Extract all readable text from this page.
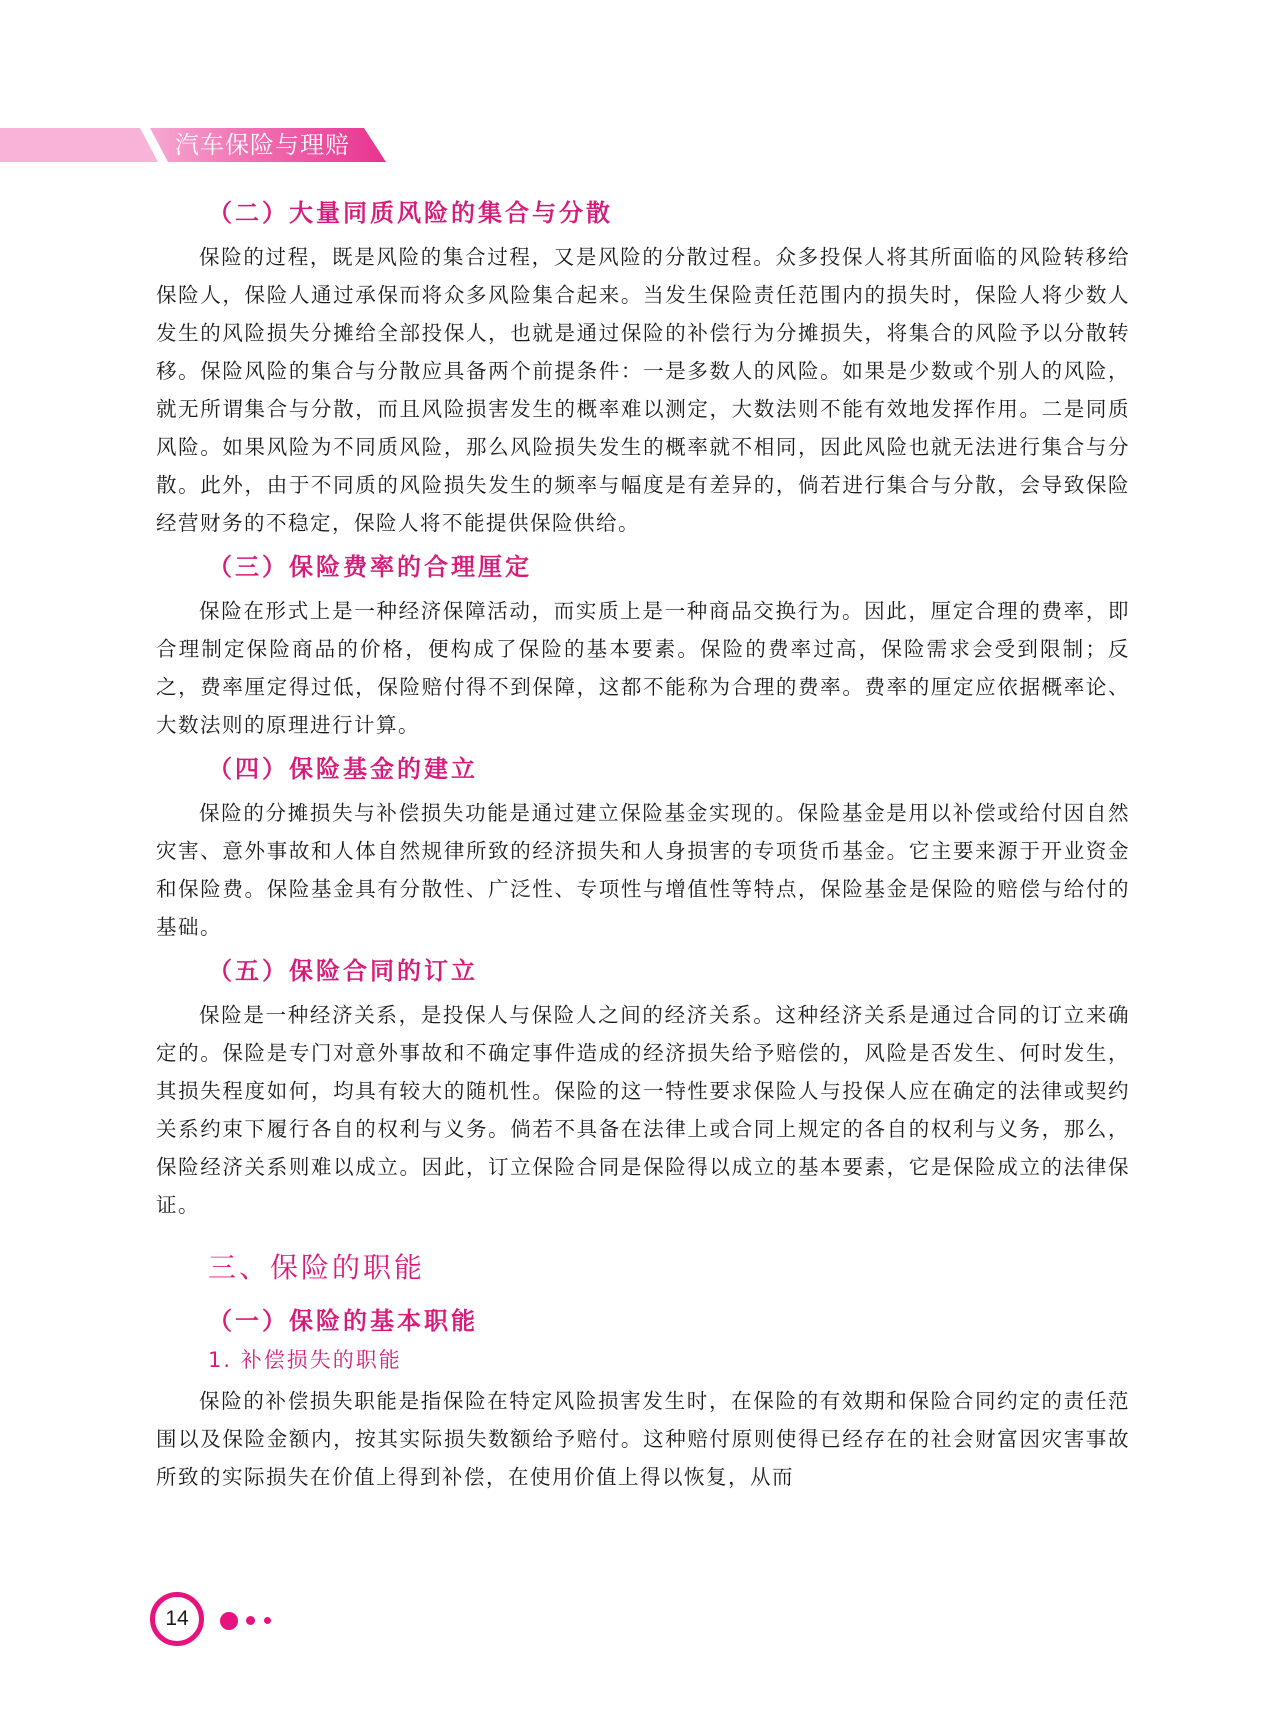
汽车保险与理赔
（二）大量同质风险的集合与分散

保险的过程，既是风险的集合过程，又是风险的分散过程。众多投保人将其所面临的风险转移给保险人，保险人通过承保而将众多风险集合起来。当发生保险责任范围内的损失时，保险人将少数人发生的风险损失分摊给全部投保人，也就是通过保险的补偿行为分摊损失，将集合的风险予以分散转移。保险风险的集合与分散应具备两个前提条件：一是多数人的风险。如果是少数或个别人的风险，就无所谓集合与分散，而且风险损害发生的概率难以测定，大数法则不能有效地发挥作用。二是同质风险。如果风险为不同质风险，那么风险损失发生的概率就不相同，因此风险也就无法进行集合与分散。此外，由于不同质的风险损失发生的频率与幅度是有差异的，倘若进行集合与分散，会导致保险经营财务的不稳定，保险人将不能提供保险供给。

（三）保险费率的合理厘定

保险在形式上是一种经济保障活动，而实质上是一种商品交换行为。因此，厘定合理的费率，即合理制定保险商品的价格，便构成了保险的基本要素。保险的费率过高，保险需求会受到限制；反之，费率厘定得过低，保险赔付得不到保障，这都不能称为合理的费率。费率的厘定应依据概率论、大数法则的原理进行计算。

（四）保险基金的建立

保险的分摊损失与补偿损失功能是通过建立保险基金实现的。保险基金是用以补偿或给付因自然灾害、意外事故和人体自然规律所致的经济损失和人身损害的专项货币基金。它主要来源于开业资金和保险费。保险基金具有分散性、广泛性、专项性与增值性等特点，保险基金是保险的赔偿与给付的基础。

（五）保险合同的订立

保险是一种经济关系，是投保人与保险人之间的经济关系。这种经济关系是通过合同的订立来确定的。保险是专门对意外事故和不确定事件造成的经济损失给予赔偿的，风险是否发生、何时发生，其损失程度如何，均具有较大的随机性。保险的这一特性要求保险人与投保人应在确定的法律或契约关系约束下履行各自的权利与义务。倘若不具备在法律上或合同上规定的各自的权利与义务，那么，保险经济关系则难以成立。因此，订立保险合同是保险得以成立的基本要素，它是保险成立的法律保证。

三、保险的职能
（一）保险的基本职能
1. 补偿损失的职能

保险的补偿损失职能是指保险在特定风险损害发生时，在保险的有效期和保险合同约定的责任范围以及保险金额内，按其实际损失数额给予赔付。这种赔付原则使得已经存在的社会财富因灾害事故所致的实际损失在价值上得到补偿，在使用价值上得以恢复，从而

14
